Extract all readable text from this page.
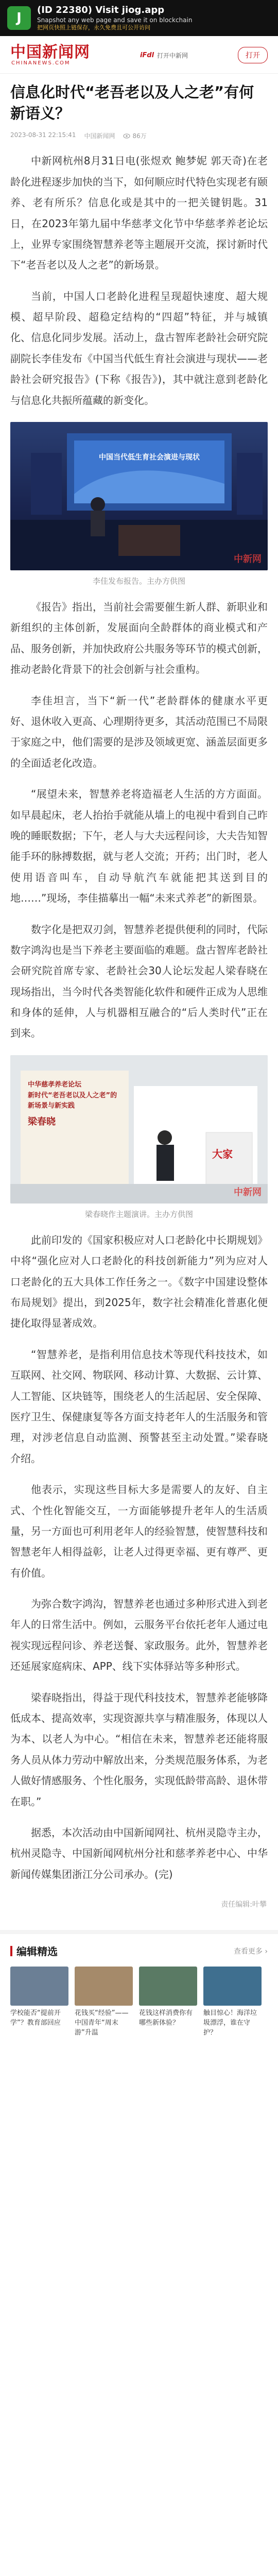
J
(ID 22380) Visit jiog.app
Snapshot any web page and save it on blockchain
把网页快照上链保存，永久免费且可公开访问
中国新闻网
CHINANEWS.COM
iFdl 打开中新网	打开
信息化时代“老吾老以及人之老”有何新语义？
2023-08-31 22:15:41 中国新闻网	86万

中新网杭州8月31日电(张煜欢 鲍梦妮 郭天奇)在老龄化进程逐步加快的当下，如何顺应时代特色实现老有颐养、老有所乐？信息化或是其中的一把关键钥匙。31日，在2023年第九届中华慈孝文化节中华慈孝养老论坛上，业界专家围绕智慧养老等主题展开交流，探讨新时代下“老吾老以及人之老”的新场景。

当前，中国人口老龄化进程呈现超快速度、超大规模、超早阶段、超稳定结构的“四超”特征，并与城镇化、信息化同步发展。活动上，盘古智库老龄社会研究院副院长李佳发布《中国当代低生育社会演进与现状——老龄社会研究报告》(下称《报告》)，其中就注意到老龄化与信息化共振所蕴藏的新变化。

中国当代低生育社会演进与现状
中新网
李佳发布报告。主办方供图

《报告》指出，当前社会需要催生新人群、新职业和新组织的主体创新，发展面向全龄群体的商业模式和产品、服务创新，并加快政府公共服务等环节的模式创新，推动老龄化背景下的社会创新与社会重构。

李佳坦言，当下“新一代”老龄群体的健康水平更好、退休收入更高、心理期待更多，其活动范围已不局限于家庭之中，他们需要的是涉及领域更宽、涵盖层面更多的全面适老化改造。

“展望未来，智慧养老将造福老人生活的方方面面。如早晨起床，老人抬抬手就能从墙上的电视中看到自己昨晚的睡眠数据；下午，老人与大夫远程问诊，大夫告知智能手环的脉搏数据，就与老人交流；开药；出门时，老人使用语音叫车，自动导航汽车就能把其送到目的地……”现场，李佳描摹出一幅“未来式养老”的新图景。

数字化是把双刃剑，智慧养老提供便利的同时，代际数字鸿沟也是当下养老主要面临的难题。盘古智库老龄社会研究院首席专家、老龄社会30人论坛发起人梁春晓在现场指出，当今时代各类智能化软件和硬件正成为人思维和身体的延伸，人与机器相互融合的“后人类时代”正在到来。

中华慈孝养老论坛
新时代“老吾老以及人之老”的
新场景与新实践
梁春晓
大家
中新网
梁春晓作主题演讲。主办方供图

此前印发的《国家积极应对人口老龄化中长期规划》中将“强化应对人口老龄化的科技创新能力”列为应对人口老龄化的五大具体工作任务之一。《数字中国建设整体布局规划》提出，到2025年，数字社会精准化普惠化便捷化取得显著成效。

“智慧养老，是指利用信息技术等现代科技技术，如互联网、社交网、物联网、移动计算、大数据、云计算、人工智能、区块链等，围绕老人的生活起居、安全保障、医疗卫生、保健康复等各方面支持老年人的生活服务和管理，对涉老信息自动监测、预警甚至主动处置。”梁春晓介绍。

他表示，实现这些目标大多是需要人的友好、自主式、个性化智能交互，一方面能够提升老年人的生活质量，另一方面也可利用老年人的经验智慧，使智慧科技和智慧老年人相得益彰，让老人过得更幸福、更有尊严、更有价值。

为弥合数字鸿沟，智慧养老也通过多种形式进入到老年人的日常生活中。例如，云服务平台依托老年人通过电视实现远程问诊、养老送餐、家政服务。此外，智慧养老还延展家庭病床、APP、线下实体驿站等多种形式。

梁春晓指出，得益于现代科技技术，智慧养老能够降低成本、提高效率，实现资源共享与精准服务，体现以人为本、以老人为中心。“相信在未来，智慧养老还能将服务人员从体力劳动中解放出来，分类规范服务体系，为老人做好情感服务、个性化服务，实现低龄带高龄、退休带在职。”

据悉，本次活动由中国新闻网社、杭州灵隐寺主办，杭州灵隐寺、中国新闻网杭州分社和慈孝养老中心、中华新闻传媒集团浙江分公司承办。(完)

责任编辑:叶攀
编辑精选	查看更多 ›
学校能否“提前开学”？教育部回应
花钱买“经验”——中国青年“周末游”升温
花钱这样消费你有哪些新体验？
触目惊心！海洋垃圾漂浮，谁在守护？
